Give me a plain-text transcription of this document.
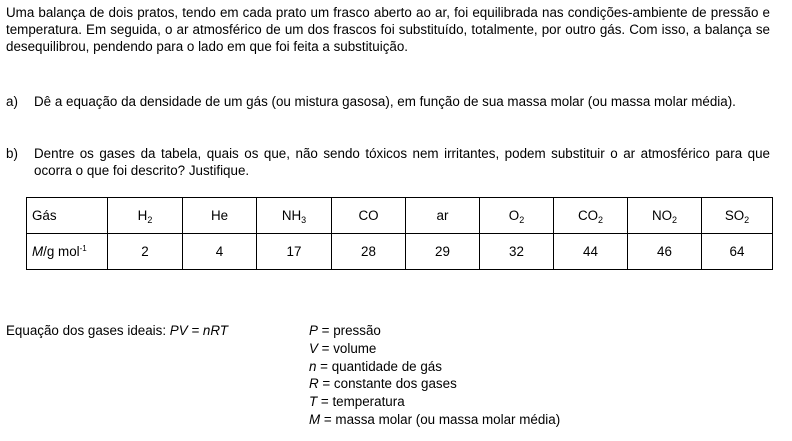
Uma balança de dois pratos, tendo em cada prato um frasco aberto ao ar, foi equilibrada nas condições-ambiente de pressão e temperatura. Em seguida, o ar atmosférico de um dos frascos foi substituído, totalmente, por outro gás. Com isso, a balança se desequilibrou, pendendo para o lado em que foi feita a substituição.

a) Dê a equação da densidade de um gás (ou mistura gasosa), em função de sua massa molar (ou massa molar média).
b) Dentre os gases da tabela, quais os que, não sendo tóxicos nem irritantes, podem substituir o ar atmosférico para que ocorra o que foi descrito? Justifique.
Gás	$H_2$	He	$NH_3$	CO	ar	$O_2$	$CO_2$	$NO_2$	$SO_2$
M/g mol$^{-1}$	2	4	17	28	29	32	44	46	64
Equação dos gases ideais: PV = nRT	P = pressão
V = volume
n = quantidade de gás
R = constante dos gases
T = temperatura
M = massa molar (ou massa molar média)
